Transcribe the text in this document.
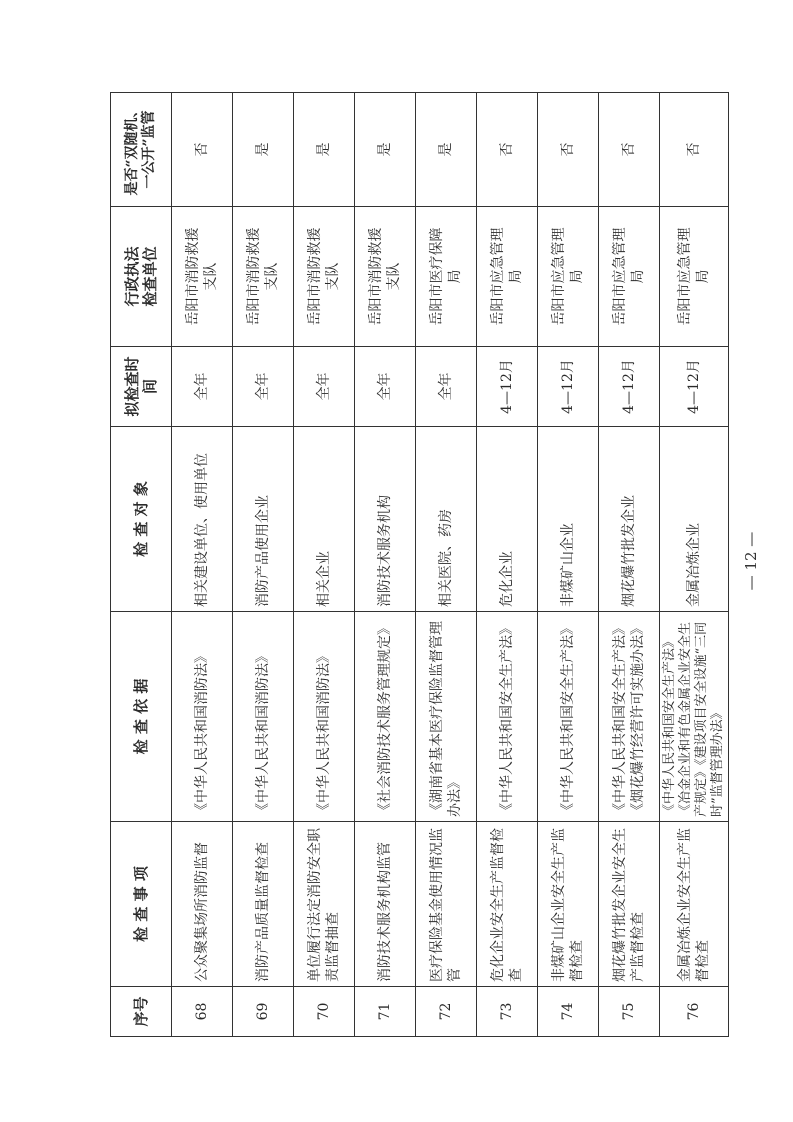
序号	检 查 事 项	检 查 依 据	检 查 对 象	拟检查时间	行政执法 检查单位	是否“双随机、 一公开”监管

68	公众聚集场所消防监督	《中华人民共和国消防法》	相关建设单位、使用单位	全年	岳阳市消防救援 支队	否
69	消防产品质量监督检查	《中华人民共和国消防法》	消防产品使用企业	全年	岳阳市消防救援 支队	是
70	单位履行法定消防安全职责监督抽查	《中华人民共和国消防法》	相关企业	全年	岳阳市消防救援 支队	是
71	消防技术服务机构监管	《社会消防技术服务管理规定》	消防技术服务机构	全年	岳阳市消防救援 支队	是
72	医疗保险基金使用情况监管	《湖南省基本医疗保险监督管理办法》	相关医院、药房	全年	岳阳市医疗保障 局	是
73	危化企业安全生产监督检查	《中华人民共和国安全生产法》	危化企业	4—12月	岳阳市应急管理 局	否
74	非煤矿山企业安全生产监督检查	《中华人民共和国安全生产法》	非煤矿山企业	4—12月	岳阳市应急管理 局	否
75	烟花爆竹批发企业安全生产监督检查	《中华人民共和国安全生产法》 《烟花爆竹经营许可实施办法》	烟花爆竹批发企业	4—12月	岳阳市应急管理 局	否
76	金属冶炼企业安全生产监督检查	《中华人民共和国安全生产法》 《冶金企业和有色金属企业安全生产规定》《建设项目安全设施“三同时”监督管理办法》	金属冶炼企业	4—12月	岳阳市应急管理 局	否
— 12 —
